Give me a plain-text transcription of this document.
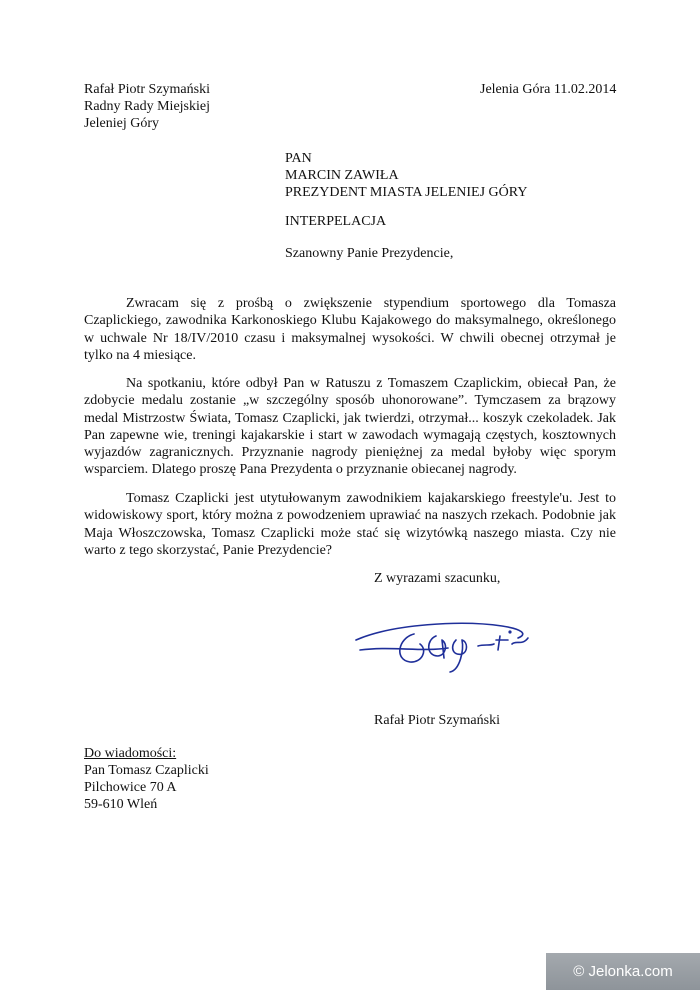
Rafał Piotr Szymański
Radny Rady Miejskiej
Jeleniej Góry
Jelenia Góra 11.02.2014
PAN
MARCIN ZAWIŁA
PREZYDENT MIASTA JELENIEJ GÓRY
INTERPELACJA
Szanowny Panie Prezydencie,

Zwracam się z prośbą o zwiększenie stypendium sportowego dla Tomasza Czaplickiego, zawodnika Karkonoskiego Klubu Kajakowego do maksymalnego, określonego w uchwale Nr 18/IV/2010 czasu i maksymalnej wysokości. W chwili obecnej otrzymał je tylko na 4 miesiące.

Na spotkaniu, które odbył Pan w Ratuszu z Tomaszem Czaplickim, obiecał Pan, że zdobycie medalu zostanie „w szczególny sposób uhonorowane”. Tymczasem za brązowy medal Mistrzostw Świata, Tomasz Czaplicki, jak twierdzi, otrzymał... koszyk czekoladek. Jak Pan zapewne wie, treningi kajakarskie i start w zawodach wymagają częstych, kosztownych wyjazdów zagranicznych. Przyznanie nagrody pieniężnej za medal byłoby więc sporym wsparciem. Dlatego proszę Pana Prezydenta o przyznanie obiecanej nagrody.

Tomasz Czaplicki jest utytułowanym zawodnikiem kajakarskiego freestyle'u. Jest to widowiskowy sport, który można z powodzeniem uprawiać na naszych rzekach. Podobnie jak Maja Włoszczowska, Tomasz Czaplicki może stać się wizytówką naszego miasta. Czy nie warto z tego skorzystać, Panie Prezydencie?

Z wyrazami szacunku,
Rafał Piotr Szymański
Do wiadomości:
Pan Tomasz Czaplicki
Pilchowice 70 A
59-610 Wleń
© Jelonka.com
